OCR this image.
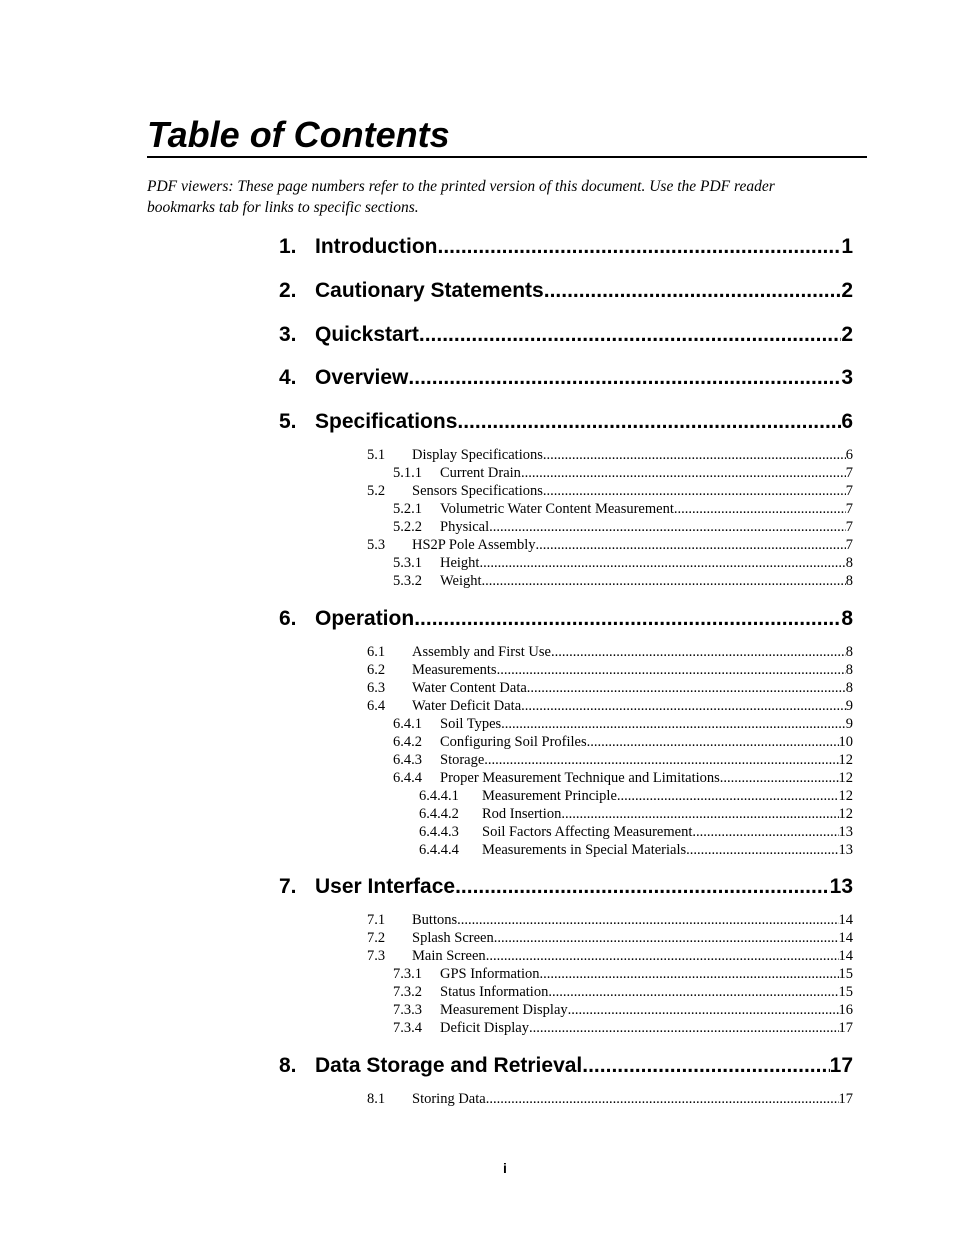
Table of Contents
PDF viewers: These page numbers refer to the printed version of this document. Use the PDF reader bookmarks tab for links to specific sections.
1. Introduction .....	1
2. Cautionary Statements .....	2
3. Quickstart .....	2
4. Overview .....	3
5. Specifications .....	6
5.1	Display Specifications .....	6
5.1.1	Current Drain .....	7
5.2	Sensors Specifications .....	7
5.2.1	Volumetric Water Content Measurement .....	7
5.2.2	Physical .....	7
5.3	HS2P Pole Assembly .....	7
5.3.1	Height .....	8
5.3.2	Weight .....	8
6. Operation .....	8
6.1	Assembly and First Use .....	8
6.2	Measurements .....	8
6.3	Water Content Data .....	8
6.4	Water Deficit Data .....	9
6.4.1	Soil Types .....	9
6.4.2	Configuring Soil Profiles .....	10
6.4.3	Storage .....	12
6.4.4	Proper Measurement Technique and Limitations .....	12
6.4.4.1	Measurement Principle .....	12
6.4.4.2	Rod Insertion .....	12
6.4.4.3	Soil Factors Affecting Measurement .....	13
6.4.4.4	Measurements in Special Materials .....	13
7. User Interface .....	13
7.1	Buttons .....	14
7.2	Splash Screen .....	14
7.3	Main Screen .....	14
7.3.1	GPS Information .....	15
7.3.2	Status Information .....	15
7.3.3	Measurement Display .....	16
7.3.4	Deficit Display .....	17
8. Data Storage and Retrieval .....	17
8.1	Storing Data .....	17
i
